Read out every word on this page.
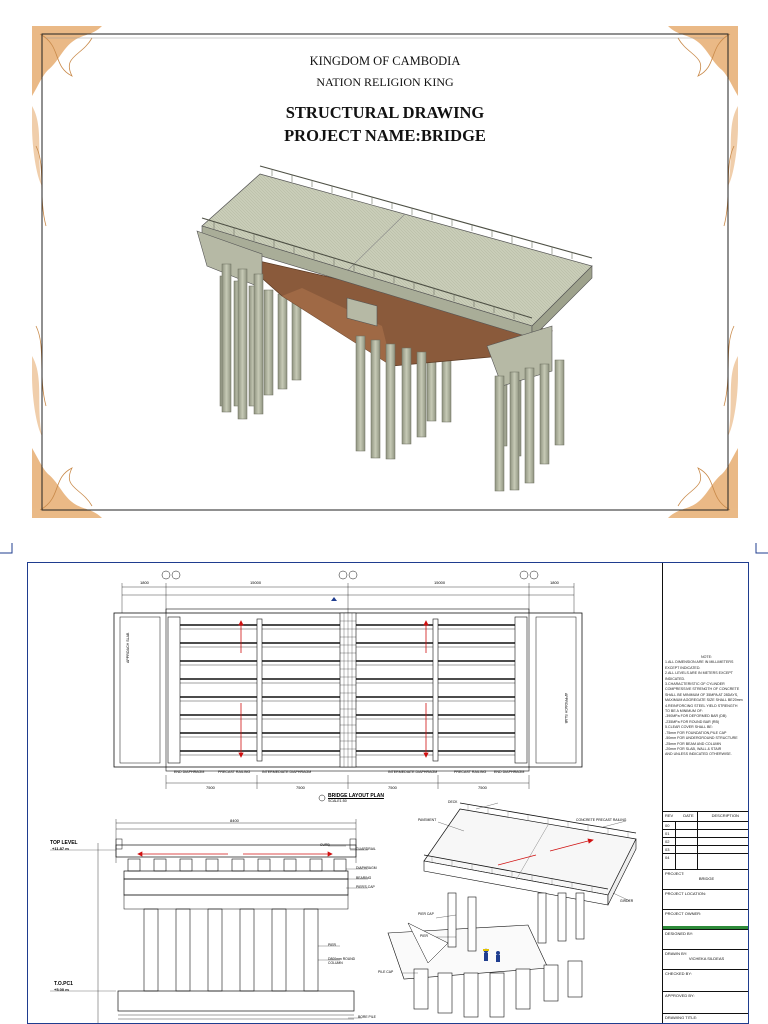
KINGDOM OF CAMBODIA
NATION RELIGION KING
STRUCTURAL DRAWING
PROJECT NAME:BRIDGE
1800	15000	15000	1800
7500	7500	7500	7500
END DIAPHRAGM	PRECAST RAILING	INTERMEDIATE DIAPHRAGM	INTERMEDIATE DIAPHRAGM	PRECAST RAILING END DIAPHRAGM
APPROACH SLAB
APPROACH SLAB
BRIDGE LAYOUT PLAN
SCALE1:50
8400
TOP LEVEL
+11.87 m
T.O.PC1
+5.00 m
CURB
GUARDRAIL
DIAPHRAGM
BEARING
PIER'S CAP
PIER
D800mm ROUND COLUMN
BORE PILE
DECK
CONCRETE PRECAST RAILING
PAVEMENT
GIRDER
PIER CAP
PIER
PILE CAP
NOTE:
1.ALL DIMENSION ARE IN MILLIMETERS
EXCEPT INDICATED.
2.ALL LEVELS ARE IN METERS EXCEPT
INDICATED.
3.CHARACTERISTIC OF CYLINDER
COMPRESSIVE STRENGTH OF CONCRETE
SHALL BE MINIMUM OF 35MPA AT 28DAYS,
MAXIMUM AGGREGATE SIZE SHALL BE20mm
4.REINFORCING STEEL YIELD STRENGTH
TO BE A MINIMUM OF:
-390MPa FOR DEFORMED BAR (DB)
-235MPa FOR ROUND BAR (RB)
5.CLEAR COVER SHALL BE:
-75mm FOR FOUNDATION,PILE CAP
-50mm FOR UNDERGROUND STRUCTURE
-25mm FOR BEAM AND COLUMN
-20mm FOR SLAB, WALL & STAIR
AND UNLESS INDICATED OTHERWISE.
REV	DATE	DESCRIPTION
00
01
02
03
04
PROJECT:
BRIDGE
PROJECT LOCATION:
PROJECT OWNER:
DESIGNED BY:
DRAWN BY:
VICHEKA SILDEAS
CHECKED BY:
APPROVED BY:
DRAWING TITLE:
